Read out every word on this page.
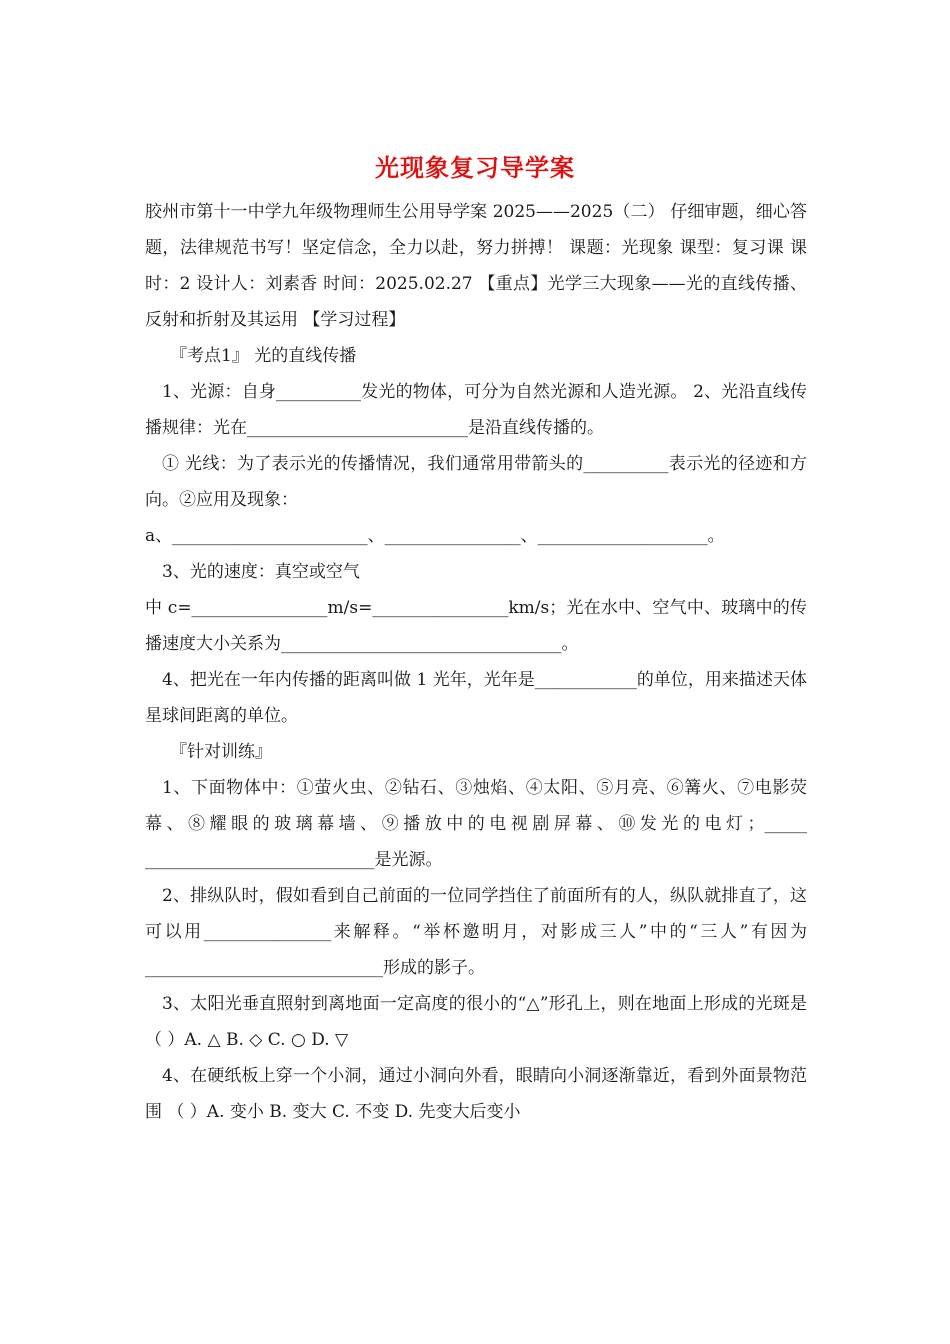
光现象复习导学案

胶州市第十一中学九年级物理师生公用导学案 2025——2025（二） 仔细审题，细心答题，法律规范书写！坚定信念，全力以赴，努力拼搏！ 课题：光现象 课型：复习课 课时：2 设计人：刘素香 时间：2025.02.27 【重点】光学三大现象——光的直线传播、反射和折射及其运用 【学习过程】

『考点1』 光的直线传播

1、光源：自身__________发光的物体，可分为自然光源和人造光源。 2、光沿直线传播规律：光在__________________________是沿直线传播的。

① 光线：为了表示光的传播情况，我们通常用带箭头的__________表示光的径迹和方向。②应用及现象：

a、_______________________、________________、____________________。

3、光的速度：真空或空气

中 c=________________m/s=________________km/s；光在水中、空气中、玻璃中的传播速度大小关系为_________________________________。

4、把光在一年内传播的距离叫做 1 光年，光年是____________的单位，用来描述天体星球间距离的单位。

『针对训练』

1、下面物体中：①萤火虫、②钻石、③烛焰、④太阳、⑤月亮、⑥篝火、⑦电影荧幕、⑧耀眼的玻璃幕墙、⑨播放中的电视剧屏幕、⑩发光的电灯；_____ ___________________________是光源。

2、排纵队时，假如看到自己前面的一位同学挡住了前面所有的人，纵队就排直了，这可以用_______________来解释。“举杯邀明月，对影成三人”中的“三人”有因为____________________________形成的影子。

3、太阳光垂直照射到离地面一定高度的很小的“△”形孔上，则在地面上形成的光斑是 （ ）A. △ B. ◇ C. ○ D. ▽

4、在硬纸板上穿一个小洞，通过小洞向外看，眼睛向小洞逐渐靠近，看到外面景物范围 （ ）A. 变小 B. 变大 C. 不变 D. 先变大后变小
